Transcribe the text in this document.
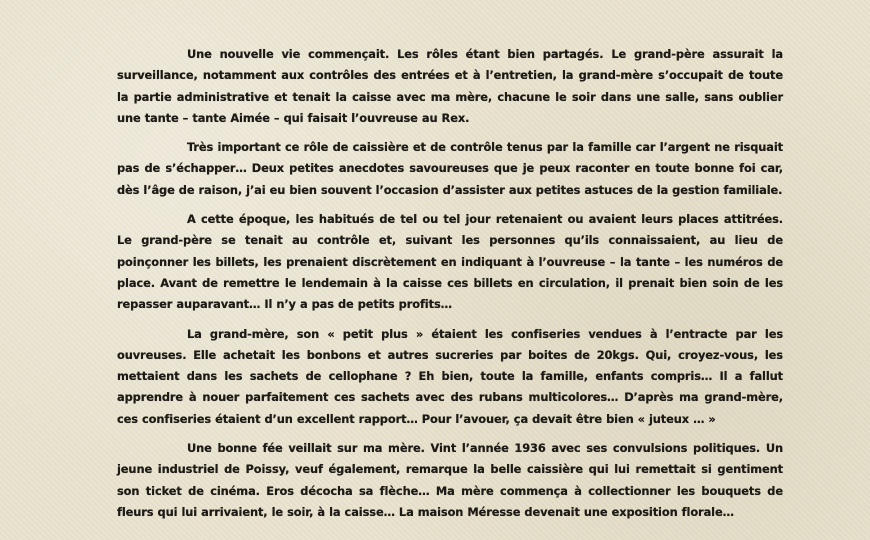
Une nouvelle vie commençait. Les rôles étant bien partagés. Le grand-père assurait la surveillance, notamment aux contrôles des entrées et à l’entretien, la grand-mère s’occupait de toute la partie administrative et tenait la caisse avec ma mère, chacune le soir dans une salle, sans oublier une tante – tante Aimée – qui faisait l’ouvreuse au Rex.

Très important ce rôle de caissière et de contrôle tenus par la famille car l’argent ne risquait pas de s’échapper… Deux petites anecdotes savoureuses que je peux raconter en toute bonne foi car, dès l’âge de raison, j’ai eu bien souvent l’occasion d’assister aux petites astuces de la gestion familiale.

A cette époque, les habitués de tel ou tel jour retenaient ou avaient leurs places attitrées. Le grand-père se tenait au contrôle et, suivant les personnes qu’ils connaissaient, au lieu de poinçonner les billets, les prenaient discrètement en indiquant à l’ouvreuse – la tante – les numéros de place. Avant de remettre le lendemain à la caisse ces billets en circulation, il prenait bien soin de les repasser auparavant… Il n’y a pas de petits profits…

La grand-mère, son « petit plus » étaient les confiseries vendues à l’entracte par les ouvreuses. Elle achetait les bonbons et autres sucreries par boites de 20kgs. Qui, croyez-vous, les mettaient dans les sachets de cellophane ? Eh bien, toute la famille, enfants compris… Il a fallut apprendre à nouer parfaitement ces sachets avec des rubans multicolores… D’après ma grand-mère, ces confiseries étaient d’un excellent rapport… Pour l’avouer, ça devait être bien « juteux … »

Une bonne fée veillait sur ma mère. Vint l’année 1936 avec ses convulsions politiques. Un jeune industriel de Poissy, veuf également, remarque la belle caissière qui lui remettait si gentiment son ticket de cinéma. Eros décocha sa flèche… Ma mère commença à collectionner les bouquets de fleurs qui lui arrivaient, le soir, à la caisse… La maison Méresse devenait une exposition florale…
